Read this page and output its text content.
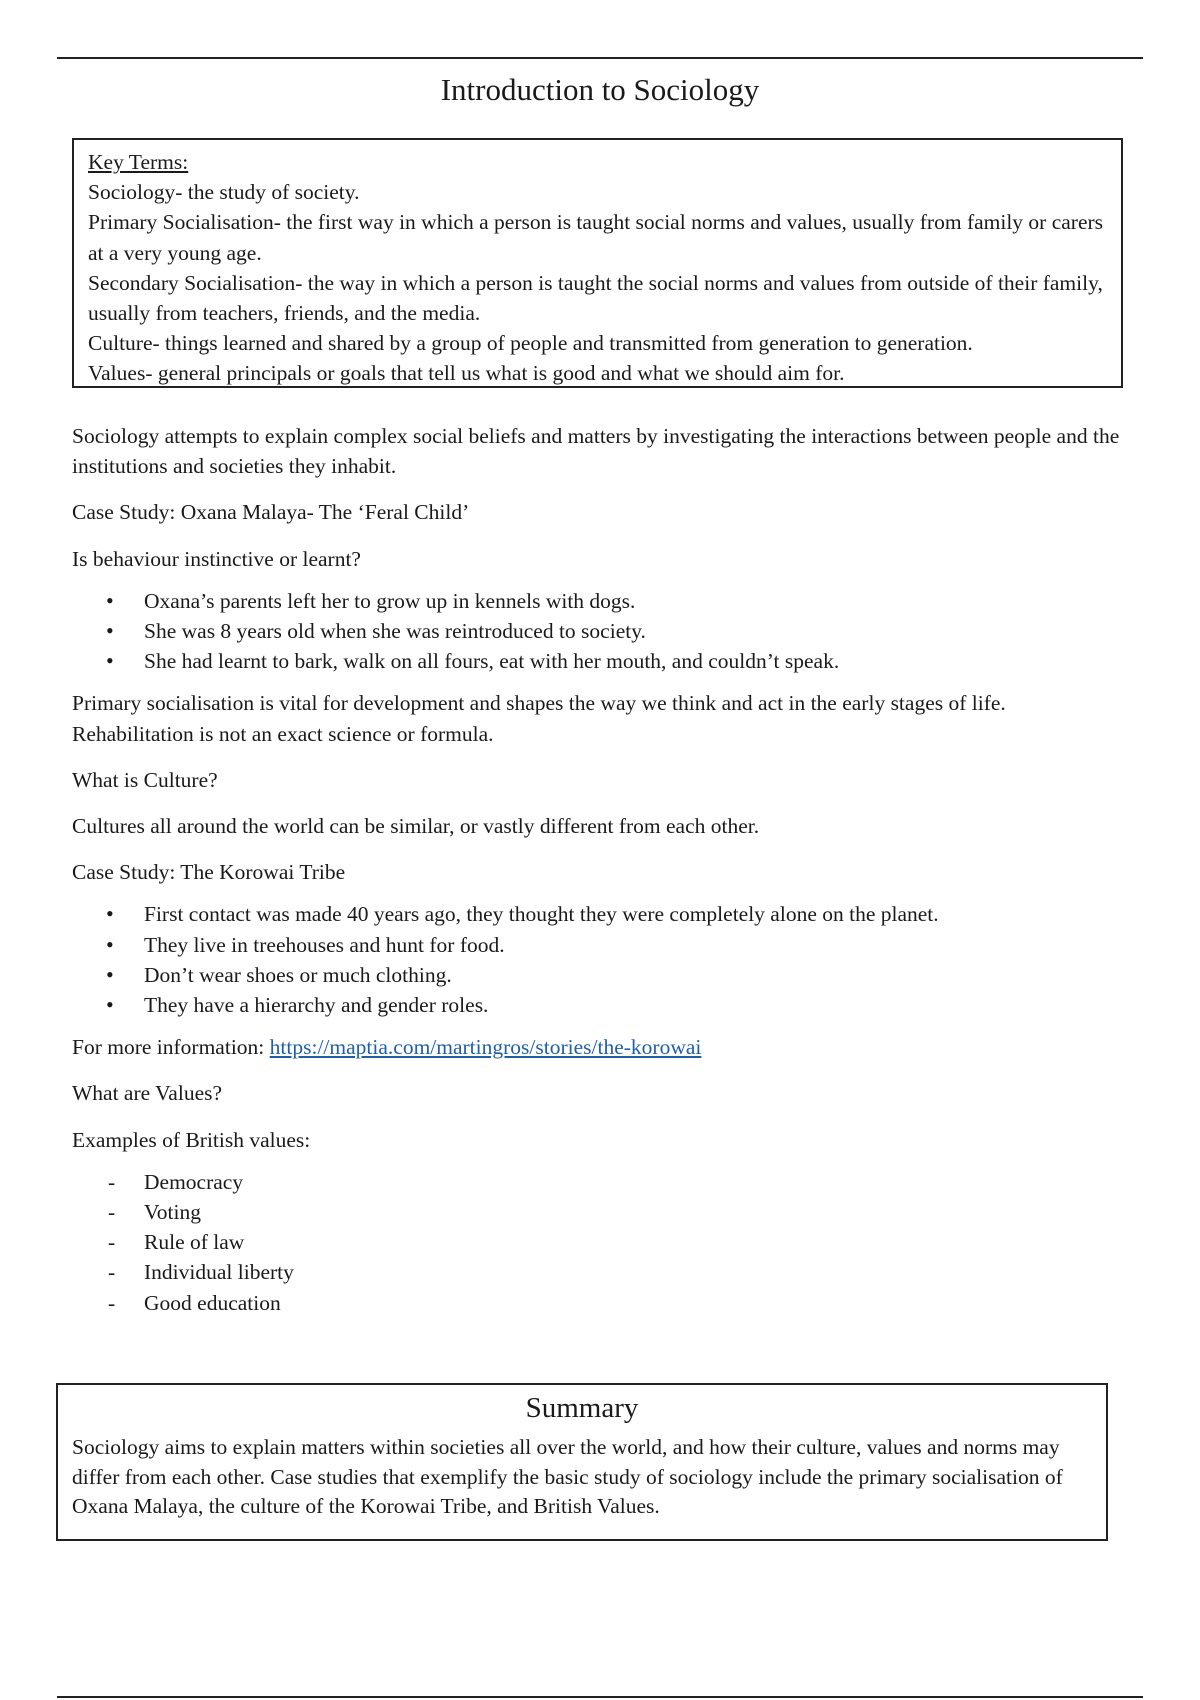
Introduction to Sociology

Key Terms:

Sociology- the study of society.

Primary Socialisation- the first way in which a person is taught social norms and values, usually from family or carers at a very young age.

Secondary Socialisation- the way in which a person is taught the social norms and values from outside of their family, usually from teachers, friends, and the media.

Culture- things learned and shared by a group of people and transmitted from generation to generation.

Values- general principals or goals that tell us what is good and what we should aim for.

Sociology attempts to explain complex social beliefs and matters by investigating the interactions between people and the institutions and societies they inhabit.

Case Study: Oxana Malaya- The ‘Feral Child’

Is behaviour instinctive or learnt?

• Oxana’s parents left her to grow up in kennels with dogs.
• She was 8 years old when she was reintroduced to society.
• She had learnt to bark, walk on all fours, eat with her mouth, and couldn’t speak.

Primary socialisation is vital for development and shapes the way we think and act in the early stages of life. Rehabilitation is not an exact science or formula.

What is Culture?

Cultures all around the world can be similar, or vastly different from each other.

Case Study: The Korowai Tribe

• First contact was made 40 years ago, they thought they were completely alone on the planet.
• They live in treehouses and hunt for food.
• Don’t wear shoes or much clothing.
• They have a hierarchy and gender roles.

For more information: https://maptia.com/martingros/stories/the-korowai

What are Values?

Examples of British values:

- Democracy
- Voting
- Rule of law
- Individual liberty
- Good education
Summary

Sociology aims to explain matters within societies all over the world, and how their culture, values and norms may differ from each other. Case studies that exemplify the basic study of sociology include the primary socialisation of Oxana Malaya, the culture of the Korowai Tribe, and British Values.
